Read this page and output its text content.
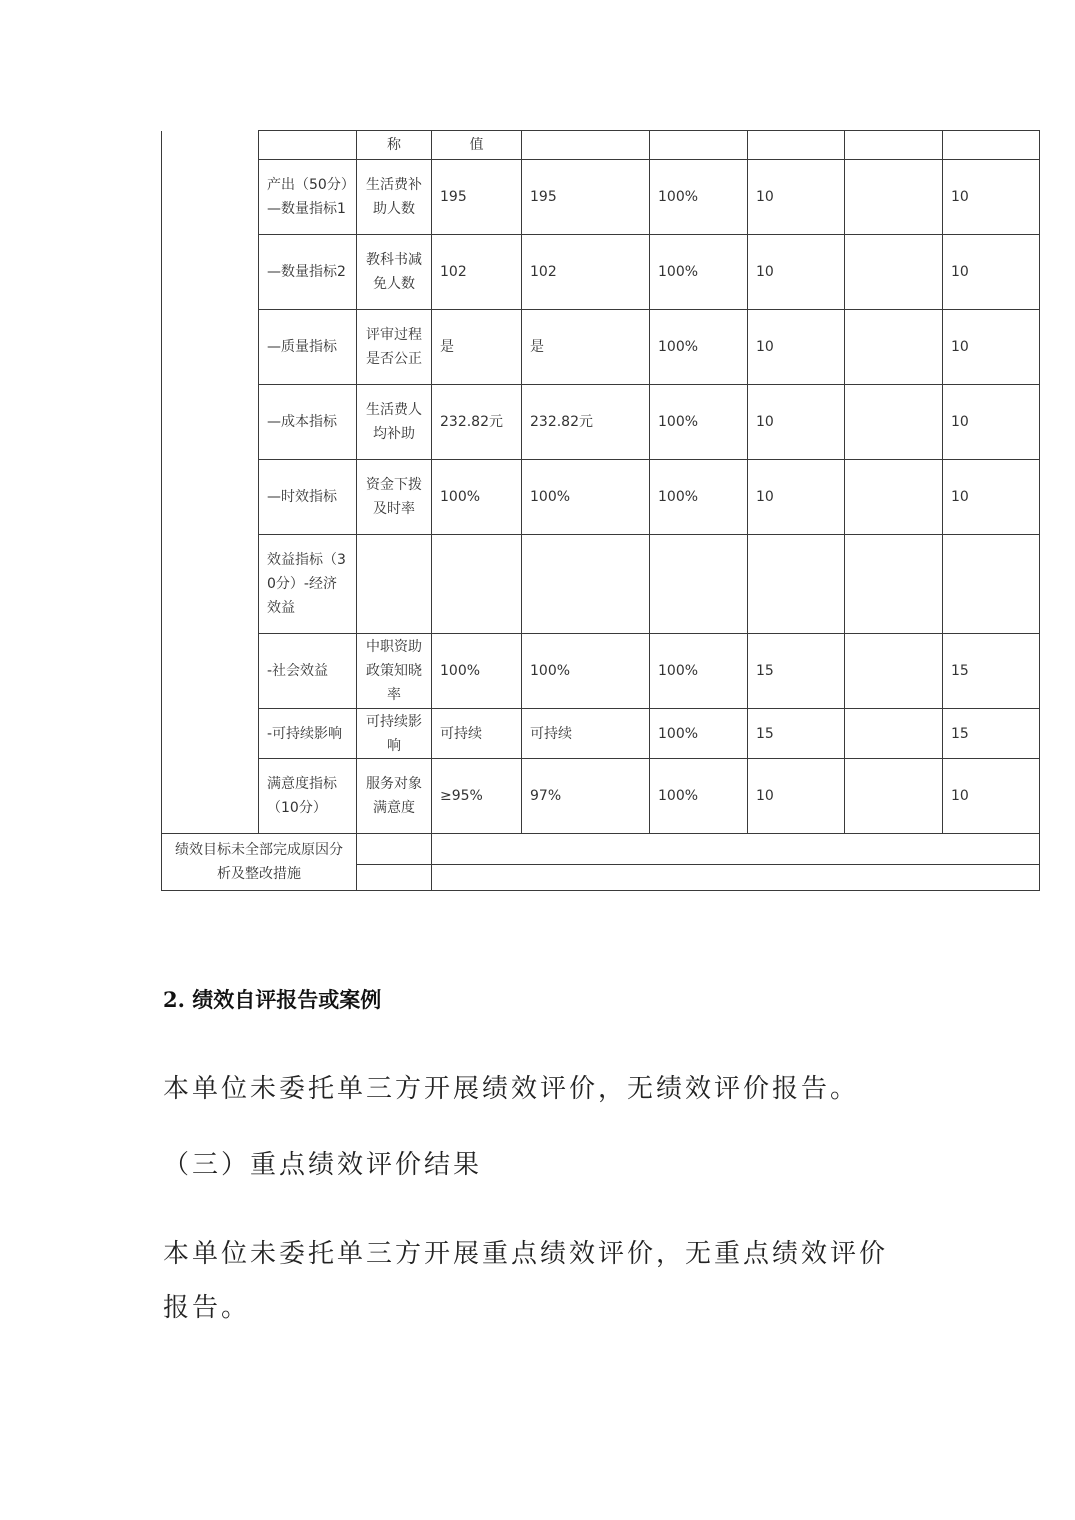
		称	值					
	产出（50分）—数量指标1	生活费补助人数	195	195	100%	10		10
	—数量指标2	教科书减免人数	102	102	100%	10		10
	—质量指标	评审过程是否公正	是	是	100%	10		10
	—成本指标	生活费人均补助	232.82元	232.82元	100%	10		10
	—时效指标	资金下拨及时率	100%	100%	100%	10		10
	效益指标（30分）-经济效益							
	-社会效益	中职资助政策知晓率	100%	100%	100%	15		15
	-可持续影响	可持续影响	可持续	可持续	100%	15		15
	满意度指标（10分）	服务对象满意度	≥95%	97%	100%	10		10
绩效目标未全部完成原因分析及整改措施								

2. 绩效自评报告或案例

本单位未委托单三方开展绩效评价，无绩效评价报告。

（三）重点绩效评价结果

本单位未委托单三方开展重点绩效评价，无重点绩效评价

报告。
